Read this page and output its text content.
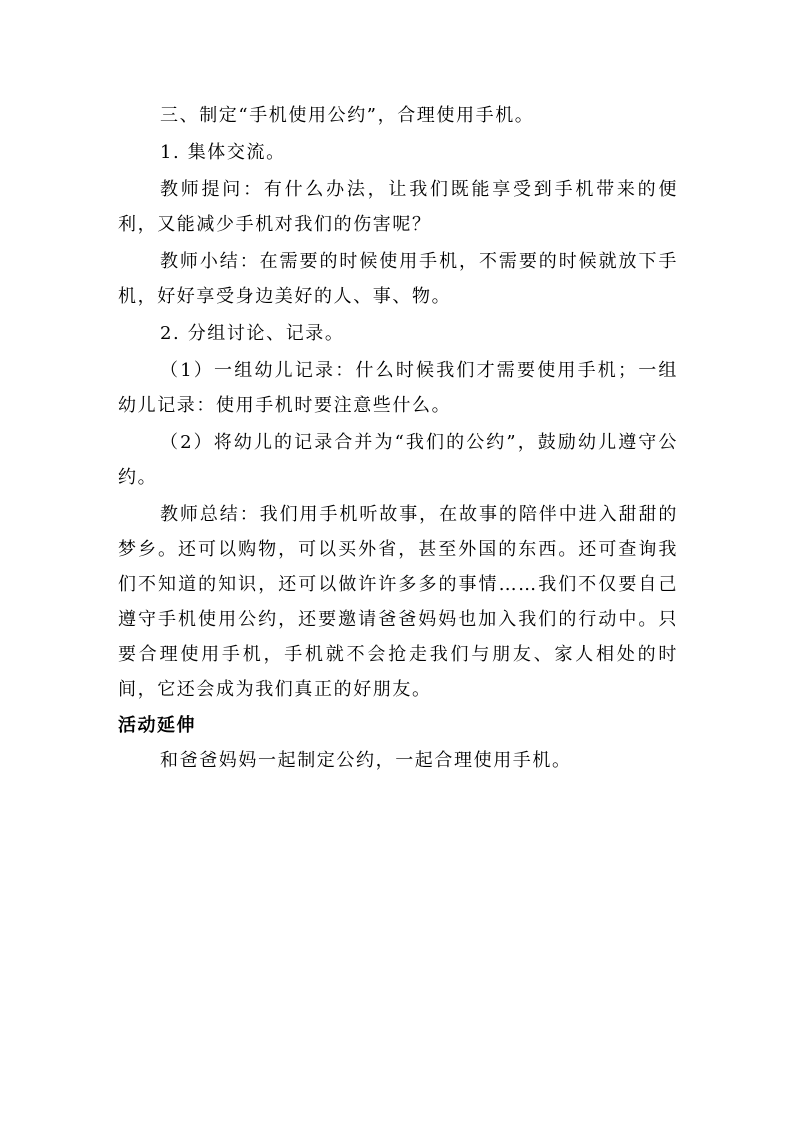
三、制定“手机使用公约”，合理使用手机。

1. 集体交流。

教师提问：有什么办法，让我们既能享受到手机带来的便利，又能减少手机对我们的伤害呢？

教师小结：在需要的时候使用手机，不需要的时候就放下手机，好好享受身边美好的人、事、物。

2. 分组讨论、记录。

（1）一组幼儿记录：什么时候我们才需要使用手机；一组幼儿记录：使用手机时要注意些什么。

（2）将幼儿的记录合并为“我们的公约”，鼓励幼儿遵守公约。

教师总结：我们用手机听故事，在故事的陪伴中进入甜甜的梦乡。还可以购物，可以买外省，甚至外国的东西。还可查询我们不知道的知识，还可以做许许多多的事情……我们不仅要自己遵守手机使用公约，还要邀请爸爸妈妈也加入我们的行动中。只要合理使用手机，手机就不会抢走我们与朋友、家人相处的时间，它还会成为我们真正的好朋友。

活动延伸

和爸爸妈妈一起制定公约，一起合理使用手机。
